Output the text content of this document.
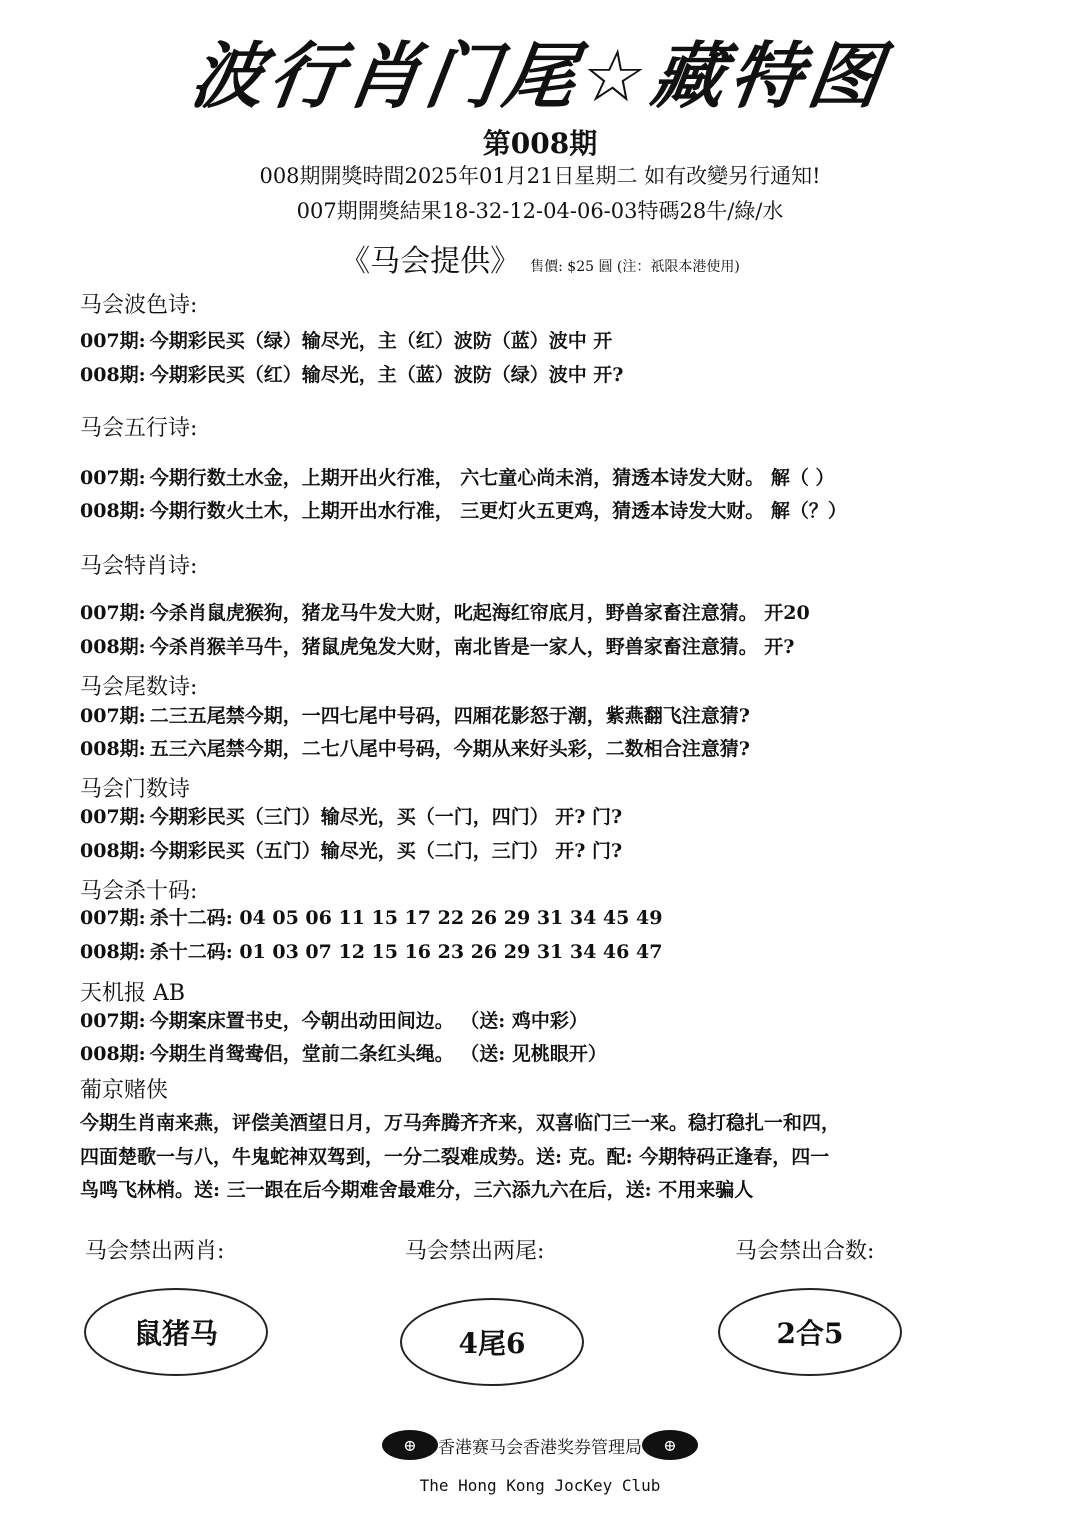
波行肖门尾☆藏特图
第008期
008期開獎時間2025年01月21日星期二 如有改變另行通知!
007期開獎結果18-32-12-04-06-03特碼28牛/綠/水
《马会提供》 售價: $25 圓 (注：祇限本港使用)
马会波色诗:
007期: 今期彩民买（绿）输尽光，主（红）波防（蓝）波中 开
008期: 今期彩民买（红）输尽光，主（蓝）波防（绿）波中 开?
马会五行诗:
007期: 今期行数土水金，上期开出火行准， 六七童心尚未消，猜透本诗发大财。 解（ ）
008期: 今期行数火土木，上期开出水行准， 三更灯火五更鸡，猜透本诗发大财。 解（？）
马会特肖诗:
007期: 今杀肖鼠虎猴狗，猪龙马牛发大财，叱起海红帘底月，野兽家畜注意猜。 开20
008期: 今杀肖猴羊马牛，猪鼠虎兔发大财，南北皆是一家人，野兽家畜注意猜。 开?
马会尾数诗:
007期: 二三五尾禁今期，一四七尾中号码，四厢花影怒于潮，紫燕翻飞注意猜?
008期: 五三六尾禁今期，二七八尾中号码，今期从来好头彩，二数相合注意猜?
马会门数诗
007期: 今期彩民买（三门）输尽光，买（一门，四门） 开? 门?
008期: 今期彩民买（五门）输尽光，买（二门，三门） 开? 门?
马会杀十码:
007期: 杀十二码: 04 05 06 11 15 17 22 26 29 31 34 45 49
008期: 杀十二码: 01 03 07 12 15 16 23 26 29 31 34 46 47
天机报 AB
007期: 今期案床置书史，今朝出动田间边。 （送: 鸡中彩）
008期: 今期生肖鸳鸯侣，堂前二条红头绳。 （送: 见桃眼开）
葡京赌侠
今期生肖南来燕，评偿美酒望日月，万马奔腾齐齐来，双喜临门三一来。稳打稳扎一和四，
四面楚歌一与八，牛鬼蛇神双驾到，一分二裂难成势。送: 克。配: 今期特码正逢春，四一
鸟鸣飞林梢。送: 三一跟在后今期难舍最难分，三六添九六在后，送: 不用来骗人
马会禁出两肖:	马会禁出两尾:	马会禁出合数:
鼠猪马	4尾6	2合5
⊕	香港赛马会香港奖券管理局	⊕
The Hong Kong JocKey Club
